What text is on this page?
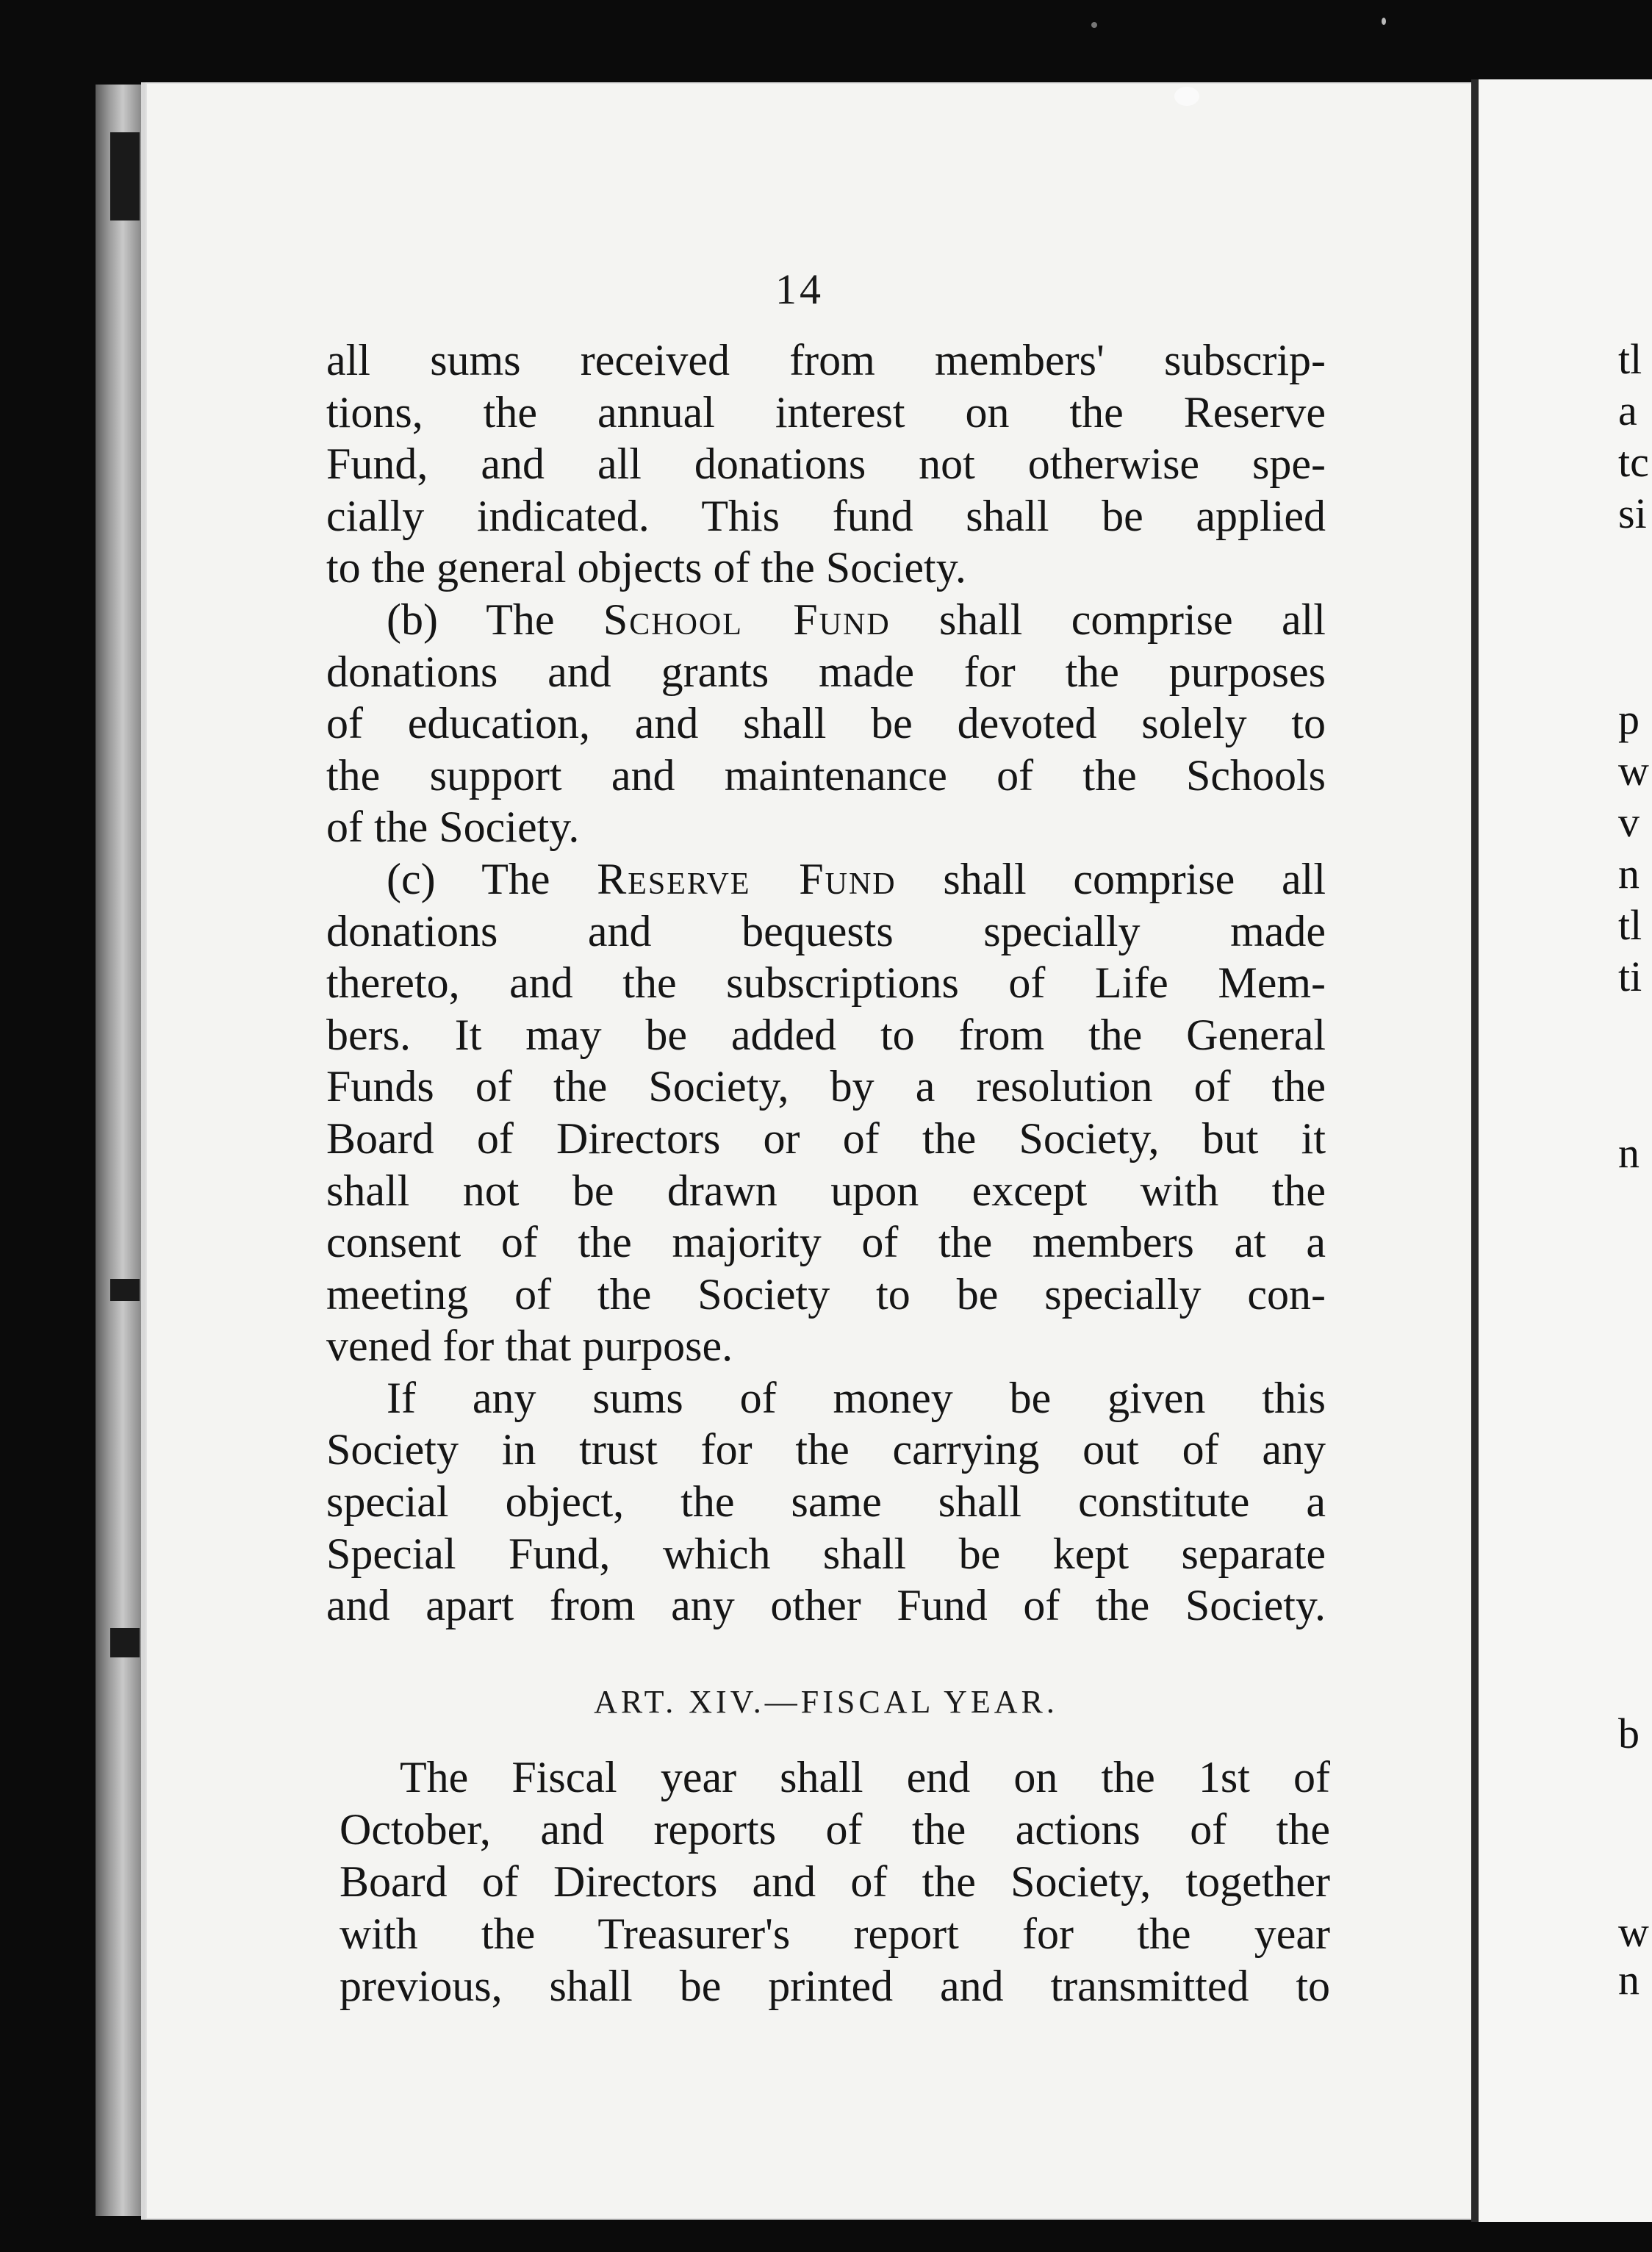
tl
a
tc
si
p
w
v
n
tl
ti
n
b
w
n
14
all sums received from members' subscrip-
tions, the annual interest on the Reserve
Fund, and all donations not otherwise spe-
cially indicated. This fund shall be applied
to the general objects of the Society.
(b) The School Fund shall comprise all
donations and grants made for the purposes
of education, and shall be devoted solely to
the support and maintenance of the Schools
of the Society.
(c) The Reserve Fund shall comprise all
donations and bequests specially made
thereto, and the subscriptions of Life Mem-
bers. It may be added to from the General
Funds of the Society, by a resolution of the
Board of Directors or of the Society, but it
shall not be drawn upon except with the
consent of the majority of the members at a
meeting of the Society to be specially con-
vened for that purpose.
If any sums of money be given this
Society in trust for the carrying out of any
special object, the same shall constitute a
Special Fund, which shall be kept separate
and apart from any other Fund of the Society.
ART. XIV.—FISCAL YEAR.
The Fiscal year shall end on the 1st of
October, and reports of the actions of the
Board of Directors and of the Society, together
with the Treasurer's report for the year
previous, shall be printed and transmitted to
